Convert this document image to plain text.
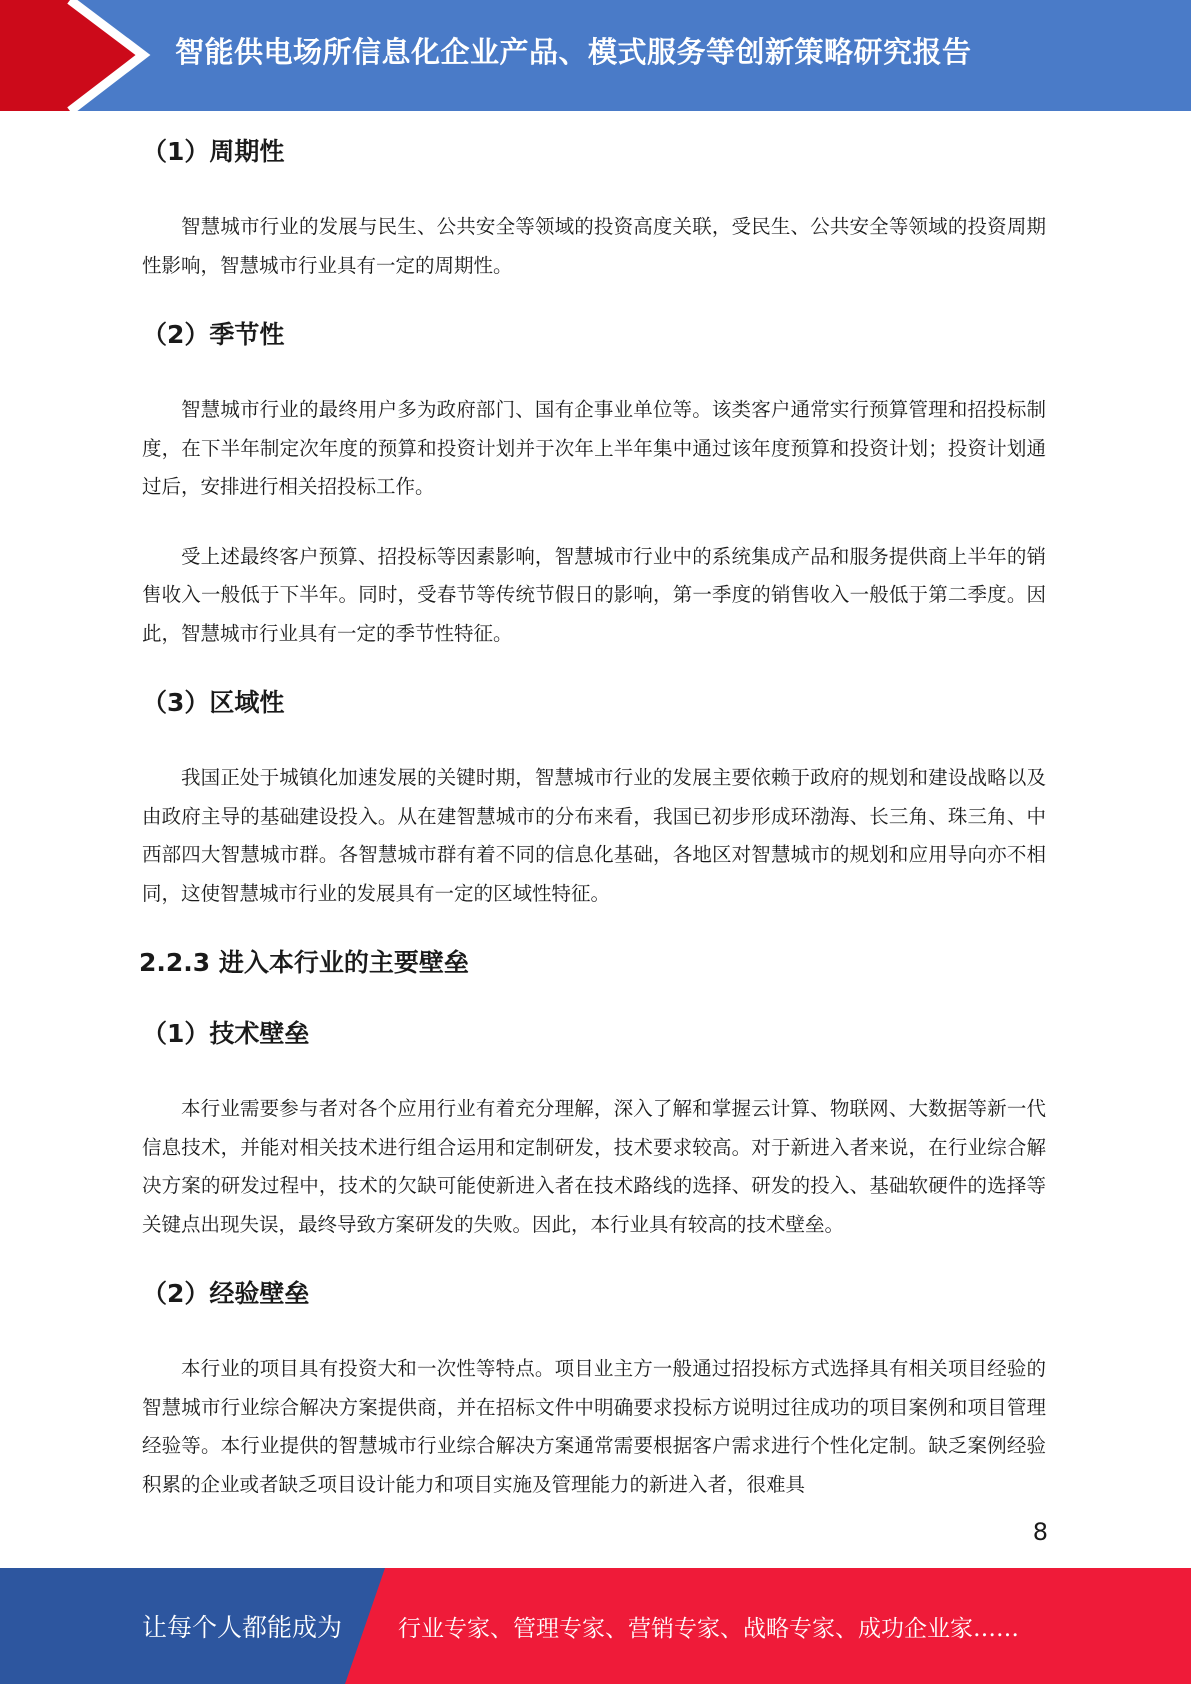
智能供电场所信息化企业产品、模式服务等创新策略研究报告

（1）周期性

智慧城市行业的发展与民生、公共安全等领域的投资高度关联，受民生、公共安全等领域的投资周期性影响，智慧城市行业具有一定的周期性。

（2）季节性

智慧城市行业的最终用户多为政府部门、国有企事业单位等。该类客户通常实行预算管理和招投标制度，在下半年制定次年度的预算和投资计划并于次年上半年集中通过该年度预算和投资计划；投资计划通过后，安排进行相关招投标工作。

受上述最终客户预算、招投标等因素影响，智慧城市行业中的系统集成产品和服务提供商上半年的销售收入一般低于下半年。同时，受春节等传统节假日的影响，第一季度的销售收入一般低于第二季度。因此，智慧城市行业具有一定的季节性特征。

（3）区域性

我国正处于城镇化加速发展的关键时期，智慧城市行业的发展主要依赖于政府的规划和建设战略以及由政府主导的基础建设投入。从在建智慧城市的分布来看，我国已初步形成环渤海、长三角、珠三角、中西部四大智慧城市群。各智慧城市群有着不同的信息化基础，各地区对智慧城市的规划和应用导向亦不相同，这使智慧城市行业的发展具有一定的区域性特征。

2.2.3 进入本行业的主要壁垒

（1）技术壁垒

本行业需要参与者对各个应用行业有着充分理解，深入了解和掌握云计算、物联网、大数据等新一代信息技术，并能对相关技术进行组合运用和定制研发，技术要求较高。对于新进入者来说，在行业综合解决方案的研发过程中，技术的欠缺可能使新进入者在技术路线的选择、研发的投入、基础软硬件的选择等关键点出现失误，最终导致方案研发的失败。因此，本行业具有较高的技术壁垒。

（2）经验壁垒

本行业的项目具有投资大和一次性等特点。项目业主方一般通过招投标方式选择具有相关项目经验的智慧城市行业综合解决方案提供商，并在招标文件中明确要求投标方说明过往成功的项目案例和项目管理经验等。本行业提供的智慧城市行业综合解决方案通常需要根据客户需求进行个性化定制。缺乏案例经验积累的企业或者缺乏项目设计能力和项目实施及管理能力的新进入者，很难具

8
让每个人都能成为 行业专家、管理专家、营销专家、战略专家、成功企业家……
